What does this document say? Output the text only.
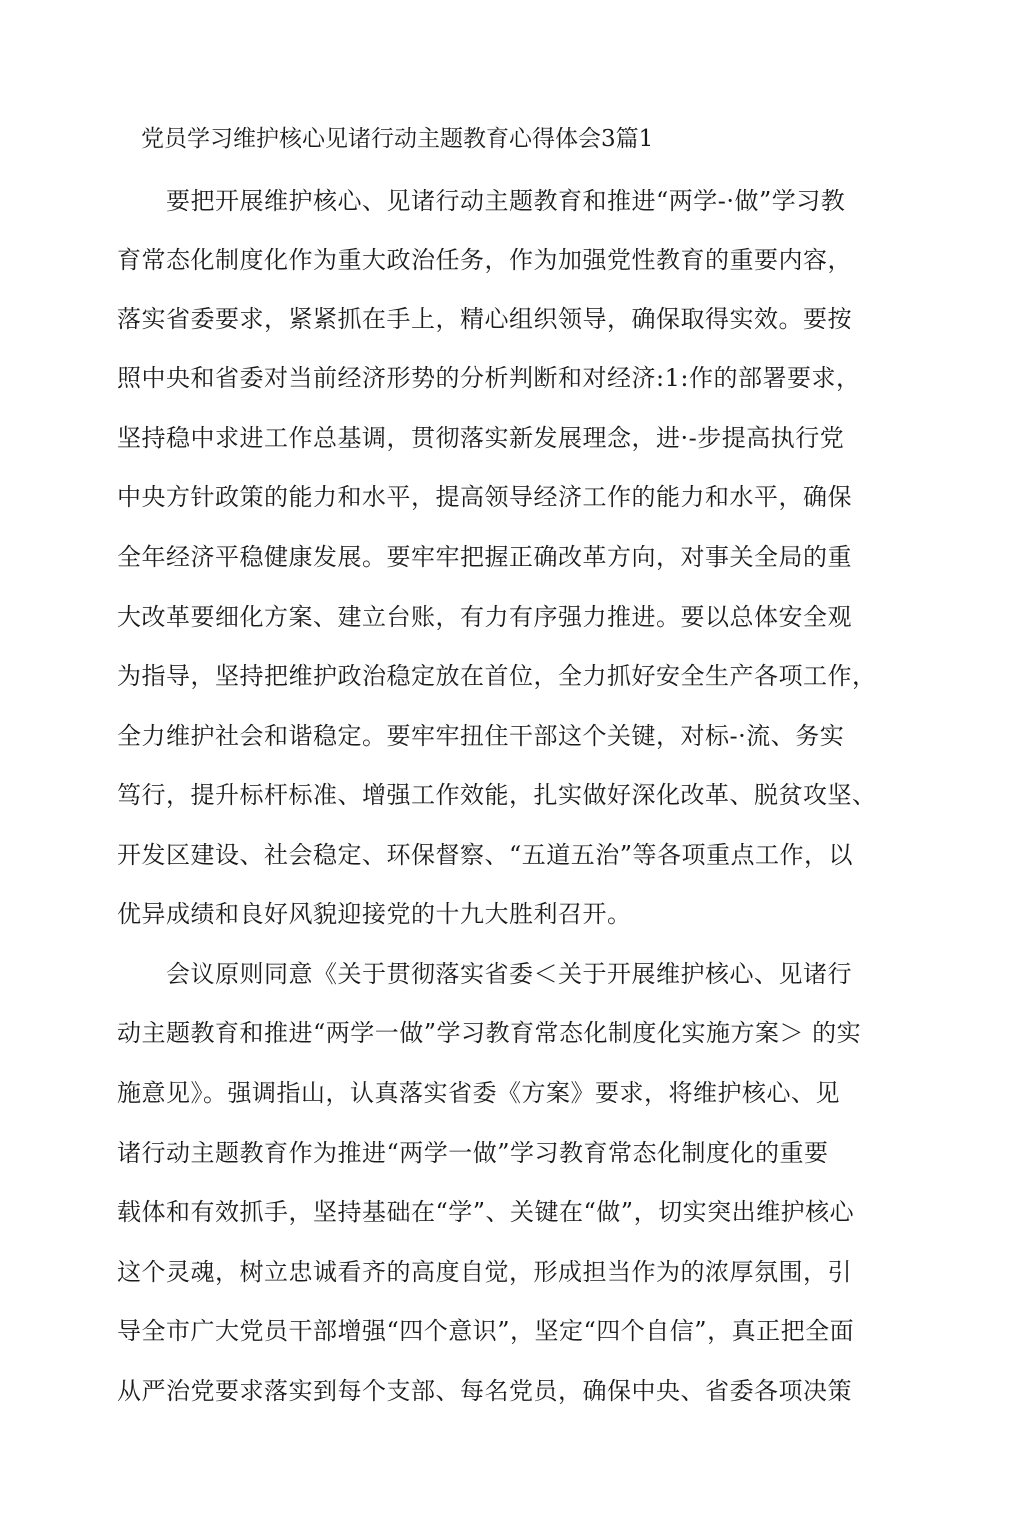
党员学习维护核心见诸行动主题教育心得体会3篇1
要把开展维护核心、见诸行动主题教育和推进“两学-·做”学习教
育常态化制度化作为重大政治任务，作为加强党性教育的重要内容，
落实省委要求，紧紧抓在手上，精心组织领导，确保取得实效。要按
照中央和省委对当前经济形势的分析判断和对经济:1:作的部署要求，
坚持稳中求进工作总基调，贯彻落实新发展理念，进·-步提高执行党
中央方针政策的能力和水平，提高领导经济工作的能力和水平，确保
全年经济平稳健康发展。要牢牢把握正确改革方向，对事关全局的重
大改革要细化方案、建立台账，有力有序强力推进。要以总体安全观
为指导，坚持把维护政治稳定放在首位，全力抓好安全生产各项工作，
全力维护社会和谐稳定。要牢牢扭住干部这个关键，对标-·流、务实
笃行，提升标杆标准、增强工作效能，扎实做好深化改革、脱贫攻坚、
开发区建设、社会稳定、环保督察、“五道五治”等各项重点工作，以
优异成绩和良好风貌迎接党的十九大胜利召开。
会议原则同意《关于贯彻落实省委＜关于开展维护核心、见诸行
动主题教育和推进“两学一做”学习教育常态化制度化实施方案＞ 的实
施意见》。强调指山，认真落实省委《方案》要求，将维护核心、见
诸行动主题教育作为推进“两学一做”学习教育常态化制度化的重要
载体和有效抓手，坚持基础在“学”、关键在“做”，切实突出维护核心
这个灵魂，树立忠诚看齐的高度自觉，形成担当作为的浓厚氛围，引
导全市广大党员干部增强“四个意识”，坚定“四个自信”，真正把全面
从严治党要求落实到每个支部、每名党员，确保中央、省委各项决策
